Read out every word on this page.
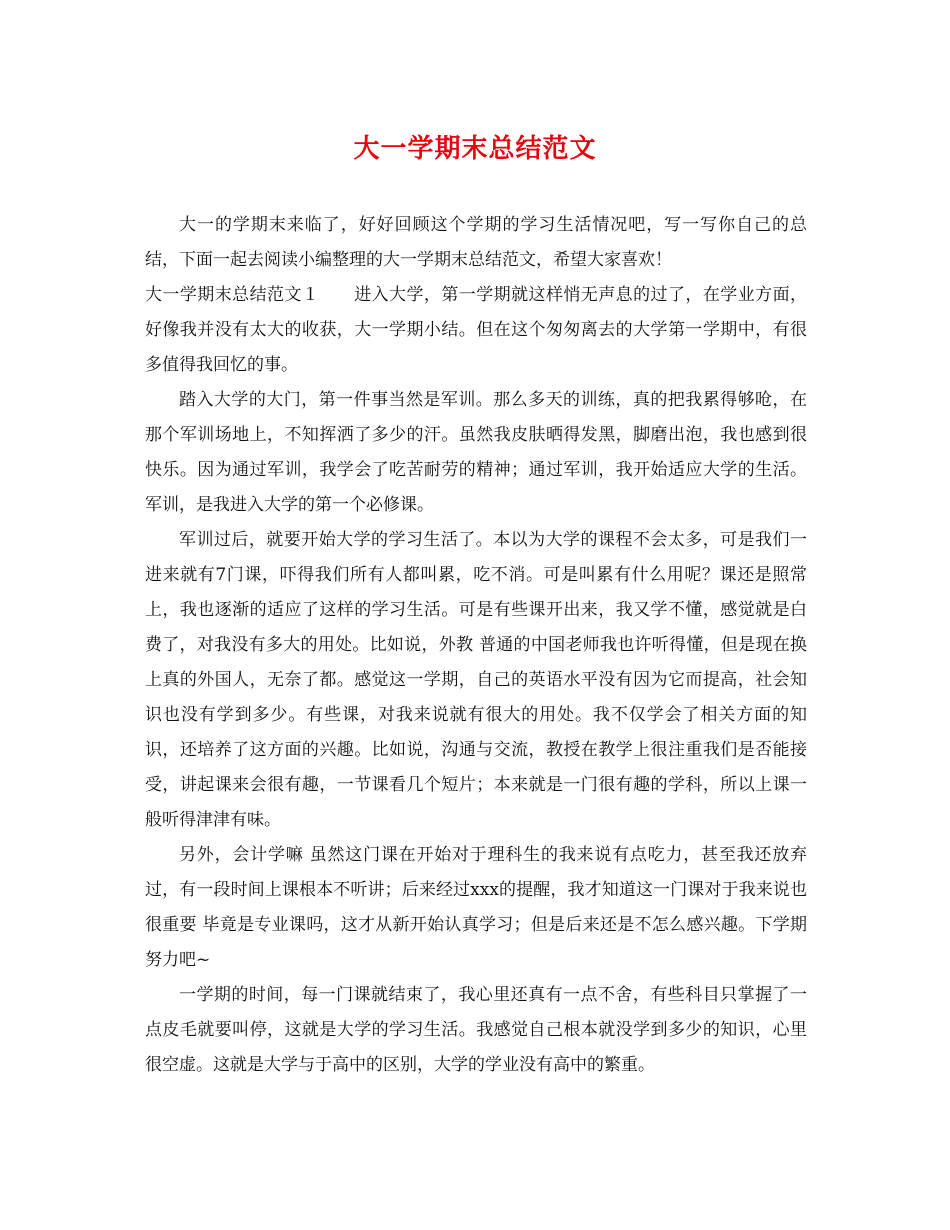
大一学期末总结范文

大一的学期末来临了，好好回顾这个学期的学习生活情况吧，写一写你自己的总结，下面一起去阅读小编整理的大一学期末总结范文，希望大家喜欢！

大一学期末总结范文１　　进入大学，第一学期就这样悄无声息的过了，在学业方面，好像我并没有太大的收获，大一学期小结。但在这个匆匆离去的大学第一学期中，有很多值得我回忆的事。

踏入大学的大门，第一件事当然是军训。那么多天的训练，真的把我累得够呛，在那个军训场地上，不知挥洒了多少的汗。虽然我皮肤晒得发黑，脚磨出泡，我也感到很快乐。因为通过军训，我学会了吃苦耐劳的精神；通过军训，我开始适应大学的生活。军训，是我进入大学的第一个必修课。

军训过后，就要开始大学的学习生活了。本以为大学的课程不会太多，可是我们一进来就有7门课，吓得我们所有人都叫累，吃不消。可是叫累有什么用呢？课还是照常上，我也逐渐的适应了这样的学习生活。可是有些课开出来，我又学不懂，感觉就是白费了，对我没有多大的用处。比如说，外教 普通的中国老师我也许听得懂，但是现在换上真的外国人，无奈了都。感觉这一学期，自己的英语水平没有因为它而提高，社会知识也没有学到多少。有些课，对我来说就有很大的用处。我不仅学会了相关方面的知识，还培养了这方面的兴趣。比如说，沟通与交流，教授在教学上很注重我们是否能接受，讲起课来会很有趣，一节课看几个短片；本来就是一门很有趣的学科，所以上课一般听得津津有味。

另外，会计学嘛 虽然这门课在开始对于理科生的我来说有点吃力，甚至我还放弃过，有一段时间上课根本不听讲；后来经过xxx的提醒，我才知道这一门课对于我来说也很重要 毕竟是专业课吗，这才从新开始认真学习；但是后来还是不怎么感兴趣。下学期努力吧~

一学期的时间，每一门课就结束了，我心里还真有一点不舍，有些科目只掌握了一点皮毛就要叫停，这就是大学的学习生活。我感觉自己根本就没学到多少的知识，心里很空虚。这就是大学与于高中的区别，大学的学业没有高中的繁重。
